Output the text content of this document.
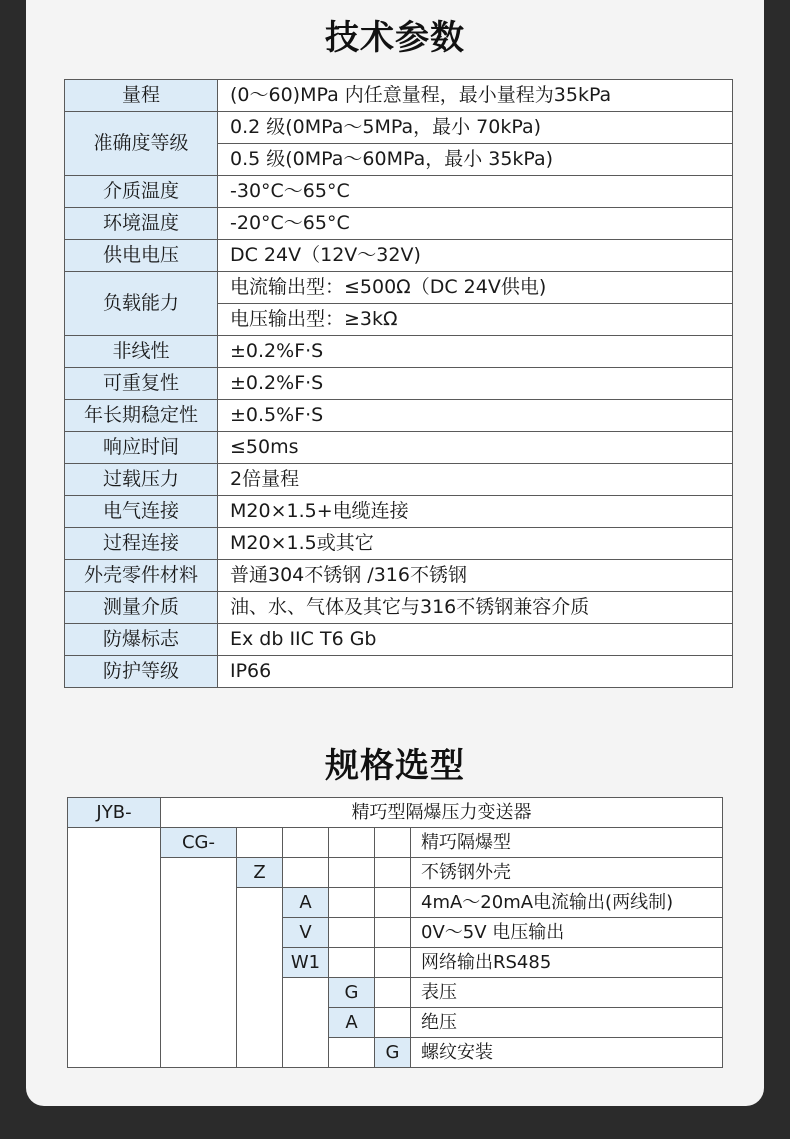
技术参数
量程	(0～60)MPa 内任意量程，最小量程为35kPa
准确度等级	0.2 级(0MPa～5MPa，最小 70kPa)
	0.5 级(0MPa～60MPa，最小 35kPa)
介质温度	-30°C～65°C
环境温度	-20°C～65°C
供电电压	DC 24V（12V～32V)
负载能力	电流输出型：≤500Ω（DC 24V供电)
	电压输出型：≥3kΩ
非线性	±0.2%F·S
可重复性	±0.2%F·S
年长期稳定性	±0.5%F·S
响应时间	≤50ms
过载压力	2倍量程
电气连接	M20×1.5+电缆连接
过程连接	M20×1.5或其它
外壳零件材料	普通304不锈钢 /316不锈钢
测量介质	油、水、气体及其它与316不锈钢兼容介质
防爆标志	Ex db IIC T6 Gb
防护等级	IP66
规格选型
JYB-	精巧型隔爆压力变送器					
	CG-					精巧隔爆型
		Z				不锈钢外壳
			A			4mA～20mA电流输出(两线制)
			V			0V～5V 电压输出
			W1			网络输出RS485
				G		表压
				A		绝压
					G	螺纹安装
